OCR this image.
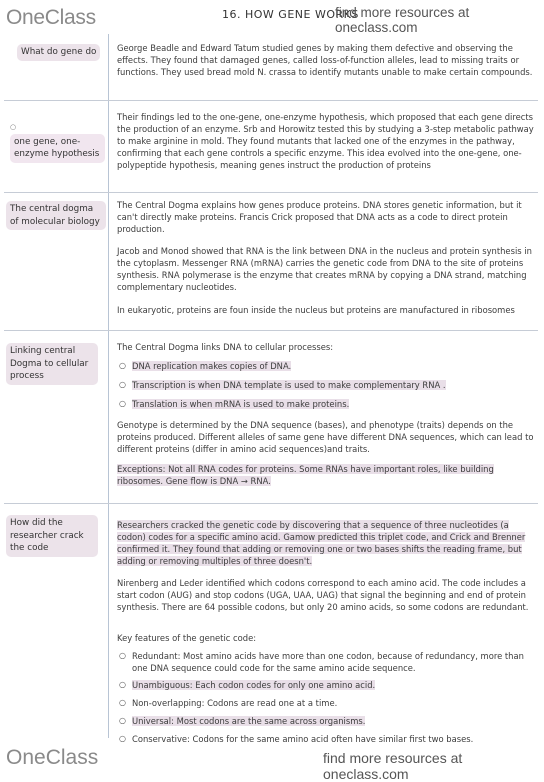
OneClass	16. HOW GENE WORKS
find more resources at oneclass.com
What do gene do	George Beadle and Edward Tatum studied genes by making them defective and observing the effects. They found that damaged genes, called loss-of-function alleles, lead to missing traits or functions. They used bread mold N. crassa to identify mutants unable to make certain compounds.
○one gene, one-enzyme hypothesis
Their findings led to the one-gene, one-enzyme hypothesis, which proposed that each gene directs the production of an enzyme. Srb and Horowitz tested this by studying a 3-step metabolic pathway to make arginine in mold. They found mutants that lacked one of the enzymes in the pathway, confirming that each gene controls a specific enzyme. This idea evolved into the one-gene, one-polypeptide hypothesis, meaning genes instruct the production of proteins
The central dogma of molecular biology
The Central Dogma explains how genes produce proteins. DNA stores genetic information, but it can't directly make proteins. Francis Crick proposed that DNA acts as a code to direct protein production.
Jacob and Monod showed that RNA is the link between DNA in the nucleus and protein synthesis in the cytoplasm. Messenger RNA (mRNA) carries the genetic code from DNA to the site of proteins synthesis. RNA polymerase is the enzyme that creates mRNA by copying a DNA strand, matching complementary nucleotides.
In eukaryotic, proteins are foun inside the nucleus but proteins are manufactured in ribosomes
Linking central Dogma to cellular process
The Central Dogma links DNA to cellular processes:
○ DNA replication makes copies of DNA.
○ Transcription is when DNA template is used to make complementary RNA .
○ Translation is when mRNA is used to make proteins.
Genotype is determined by the DNA sequence (bases), and phenotype (traits) depends on the proteins produced. Different alleles of same gene have different DNA sequences, which can lead to different proteins (differ in amino acid sequences)and traits.
Exceptions: Not all RNA codes for proteins. Some RNAs have important roles, like building ribosomes. Gene flow is DNA → RNA.
How did the researcher crack the code
Researchers cracked the genetic code by discovering that a sequence of three nucleotides (a codon) codes for a specific amino acid. Gamow predicted this triplet code, and Crick and Brenner confirmed it. They found that adding or removing one or two bases shifts the reading frame, but adding or removing multiples of three doesn't.
Nirenberg and Leder identified which codons correspond to each amino acid. The code includes a start codon (AUG) and stop codons (UGA, UAA, UAG) that signal the beginning and end of protein synthesis. There are 64 possible codons, but only 20 amino acids, so some codons are redundant.
Key features of the genetic code:
○ Redundant: Most amino acids have more than one codon, because of redundancy, more than one DNA sequence could code for the same amino acide sequence.
○ Unambiguous: Each codon codes for only one amino acid.
○ Non-overlapping: Codons are read one at a time.
○ Universal: Most codons are the same across organisms.
○ Conservative: Codons for the same amino acid often have similar first two bases.
OneClass	find more resources at oneclass.com
